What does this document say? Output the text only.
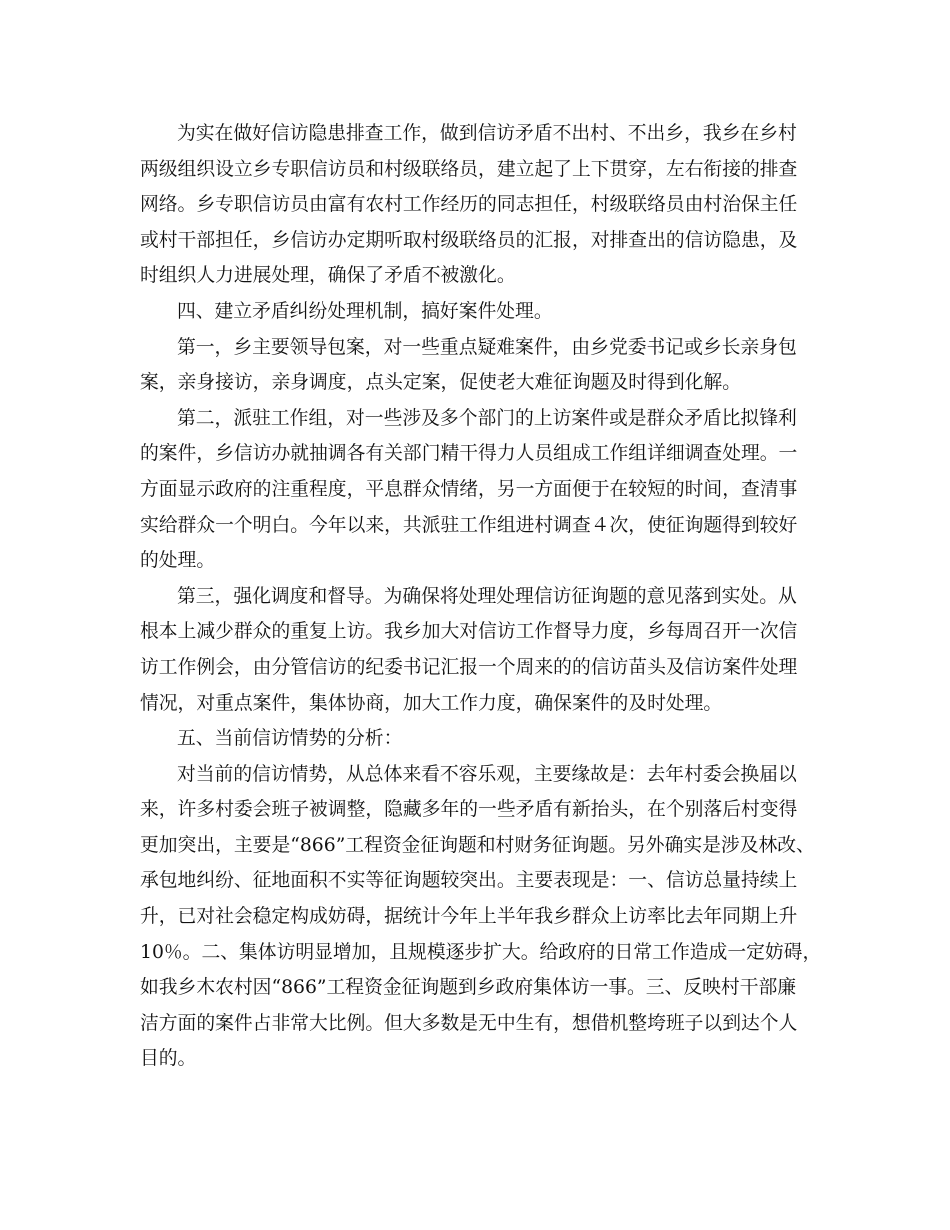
为实在做好信访隐患排查工作，做到信访矛盾不出村、不出乡，我乡在乡村
两级组织设立乡专职信访员和村级联络员，建立起了上下贯穿，左右衔接的排查
网络。乡专职信访员由富有农村工作经历的同志担任，村级联络员由村治保主任
或村干部担任，乡信访办定期听取村级联络员的汇报，对排查出的信访隐患，及
时组织人力进展处理，确保了矛盾不被激化。
四、建立矛盾纠纷处理机制，搞好案件处理。
第一，乡主要领导包案，对一些重点疑难案件，由乡党委书记或乡长亲身包
案，亲身接访，亲身调度，点头定案，促使老大难征询题及时得到化解。
第二，派驻工作组，对一些涉及多个部门的上访案件或是群众矛盾比拟锋利
的案件，乡信访办就抽调各有关部门精干得力人员组成工作组详细调查处理。一
方面显示政府的注重程度，平息群众情绪，另一方面便于在较短的时间，查清事
实给群众一个明白。今年以来，共派驻工作组进村调查４次，使征询题得到较好
的处理。
第三，强化调度和督导。为确保将处理处理信访征询题的意见落到实处。从
根本上减少群众的重复上访。我乡加大对信访工作督导力度，乡每周召开一次信
访工作例会，由分管信访的纪委书记汇报一个周来的的信访苗头及信访案件处理
情况，对重点案件，集体协商，加大工作力度，确保案件的及时处理。
五、当前信访情势的分析：
对当前的信访情势，从总体来看不容乐观，主要缘故是：去年村委会换届以
来，许多村委会班子被调整，隐藏多年的一些矛盾有新抬头，在个别落后村变得
更加突出，主要是“866”工程资金征询题和村财务征询题。另外确实是涉及林改、
承包地纠纷、征地面积不实等征询题较突出。主要表现是：一、信访总量持续上
升，已对社会稳定构成妨碍，据统计今年上半年我乡群众上访率比去年同期上升
10％。二、集体访明显增加，且规模逐步扩大。给政府的日常工作造成一定妨碍，
如我乡木农村因“866”工程资金征询题到乡政府集体访一事。三、反映村干部廉
洁方面的案件占非常大比例。但大多数是无中生有，想借机整垮班子以到达个人
目的。
